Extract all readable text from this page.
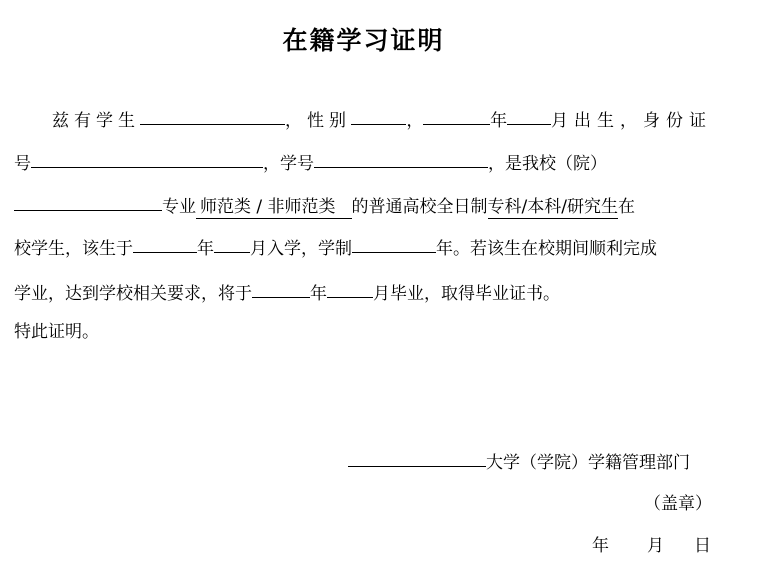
在籍学习证明
兹有学生	，性别	，	年	月出生，身份证
号	，学号	，是我校（院）
专业 师范类 / 非师范类 的普通高校全日制专科/本科/研究生在
校学生，该生于	年 月入学，学制	年。若该生在校期间顺利完成
学业，达到学校相关要求，将于	年	月毕业，取得毕业证书。
特此证明。
大学（学院）学籍管理部门
（盖章）
年 月 日
